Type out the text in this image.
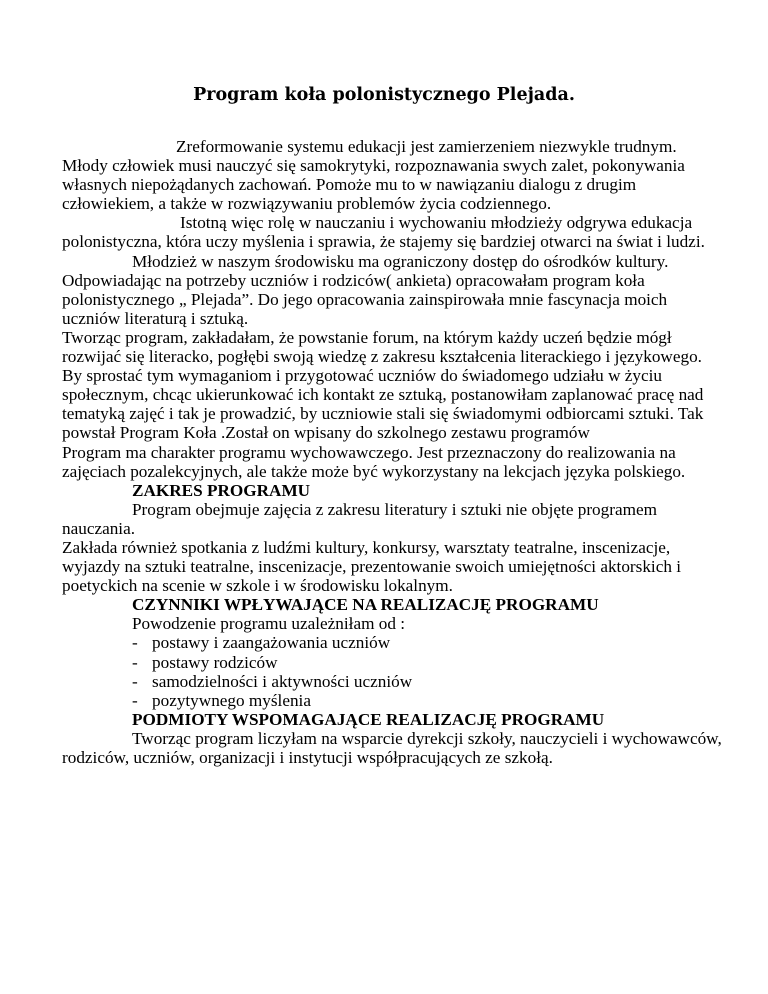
Program koła polonistycznego Plejada.

Zreformowanie systemu edukacji jest zamierzeniem niezwykle trudnym. Młody człowiek musi nauczyć się samokrytyki, rozpoznawania swych zalet, pokonywania własnych niepożądanych zachowań. Pomoże mu to w nawiązaniu dialogu z drugim człowiekiem, a także w rozwiązywaniu problemów życia codziennego.

Istotną więc rolę w nauczaniu i wychowaniu młodzieży odgrywa edukacja polonistyczna, która uczy myślenia i sprawia, że stajemy się bardziej otwarci na świat i ludzi.

Młodzież w naszym środowisku ma ograniczony dostęp do ośrodków kultury. Odpowiadając na potrzeby uczniów i rodziców( ankieta) opracowałam program koła polonistycznego „ Plejada”. Do jego opracowania zainspirowała mnie fascynacja moich uczniów literaturą i sztuką.

Tworząc program, zakładałam, że powstanie forum, na którym każdy uczeń będzie mógł rozwijać się literacko, pogłębi swoją wiedzę z zakresu kształcenia literackiego i językowego.

By sprostać tym wymaganiom i przygotować uczniów do świadomego udziału w życiu społecznym, chcąc ukierunkować ich kontakt ze sztuką, postanowiłam zaplanować pracę nad tematyką zajęć i tak je prowadzić, by uczniowie stali się świadomymi odbiorcami sztuki. Tak powstał Program Koła .Został on wpisany do szkolnego zestawu programów

Program ma charakter programu wychowawczego. Jest przeznaczony do realizowania na zajęciach pozalekcyjnych, ale także może być wykorzystany na lekcjach języka polskiego.

ZAKRES PROGRAMU

Program obejmuje zajęcia z zakresu literatury i sztuki nie objęte programem nauczania.

Zakłada również spotkania z ludźmi kultury, konkursy, warsztaty teatralne, inscenizacje, wyjazdy na sztuki teatralne, inscenizacje, prezentowanie swoich umiejętności aktorskich i poetyckich na scenie w szkole i w środowisku lokalnym.

CZYNNIKI WPŁYWAJĄCE NA REALIZACJĘ PROGRAMU

Powodzenie programu uzależniłam od :

- postawy i zaangażowania uczniów
- postawy rodziców
- samodzielności i aktywności uczniów
- pozytywnego myślenia

PODMIOTY WSPOMAGAJĄCE REALIZACJĘ PROGRAMU

Tworząc program liczyłam na wsparcie dyrekcji szkoły, nauczycieli i wychowawców, rodziców, uczniów, organizacji i instytucji współpracujących ze szkołą.
